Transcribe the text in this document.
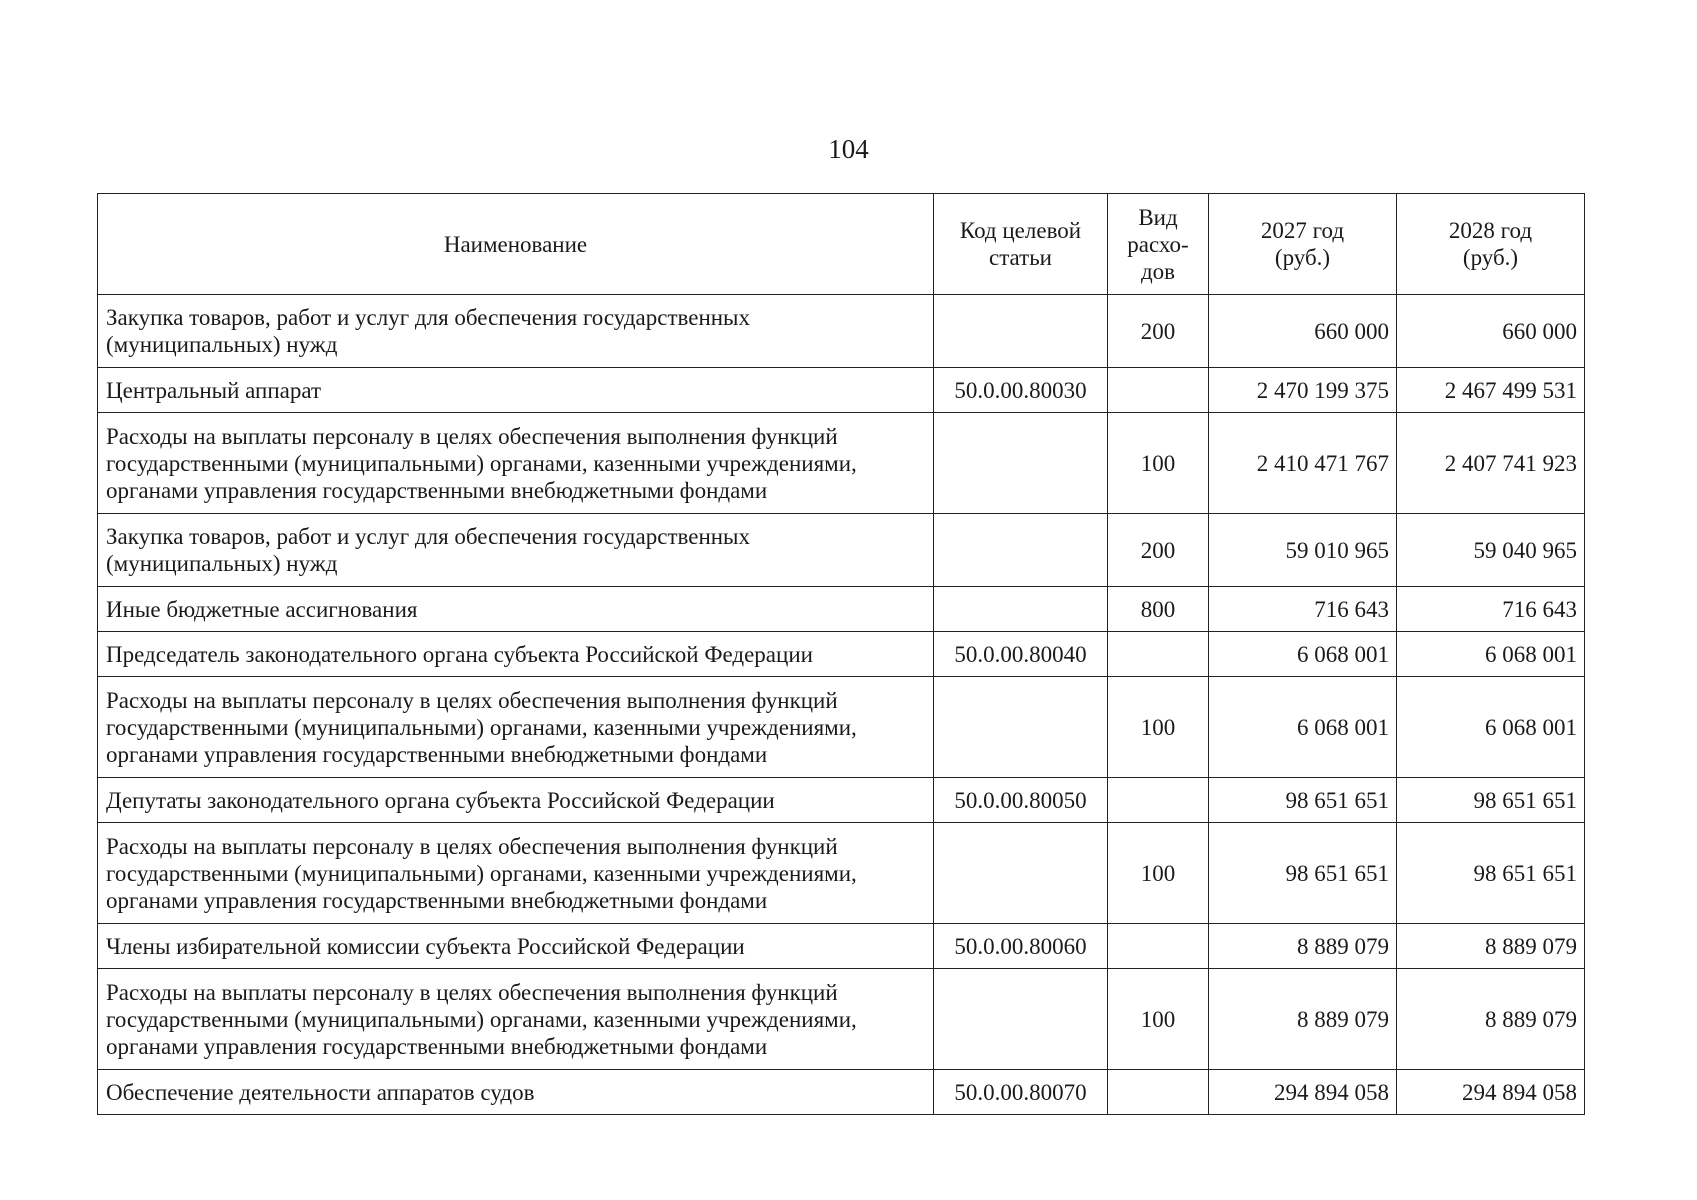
104
Наименование	Код целевой статьи	Вид расхо-дов	2027 год (руб.)	2028 год (руб.)
Закупка товаров, работ и услуг для обеспечения государственных (муниципальных) нужд		200	660 000	660 000
Центральный аппарат	50.0.00.80030		2 470 199 375	2 467 499 531
Расходы на выплаты персоналу в целях обеспечения выполнения функций государственными (муниципальными) органами, казенными учреждениями, органами управления государственными внебюджетными фондами		100	2 410 471 767	2 407 741 923
Закупка товаров, работ и услуг для обеспечения государственных (муниципальных) нужд		200	59 010 965	59 040 965
Иные бюджетные ассигнования		800	716 643	716 643
Председатель законодательного органа субъекта Российской Федерации	50.0.00.80040		6 068 001	6 068 001
Расходы на выплаты персоналу в целях обеспечения выполнения функций государственными (муниципальными) органами, казенными учреждениями, органами управления государственными внебюджетными фондами		100	6 068 001	6 068 001
Депутаты законодательного органа субъекта Российской Федерации	50.0.00.80050		98 651 651	98 651 651
Расходы на выплаты персоналу в целях обеспечения выполнения функций государственными (муниципальными) органами, казенными учреждениями, органами управления государственными внебюджетными фондами		100	98 651 651	98 651 651
Члены избирательной комиссии субъекта Российской Федерации	50.0.00.80060		8 889 079	8 889 079
Расходы на выплаты персоналу в целях обеспечения выполнения функций государственными (муниципальными) органами, казенными учреждениями, органами управления государственными внебюджетными фондами		100	8 889 079	8 889 079
Обеспечение деятельности аппаратов судов	50.0.00.80070		294 894 058	294 894 058
